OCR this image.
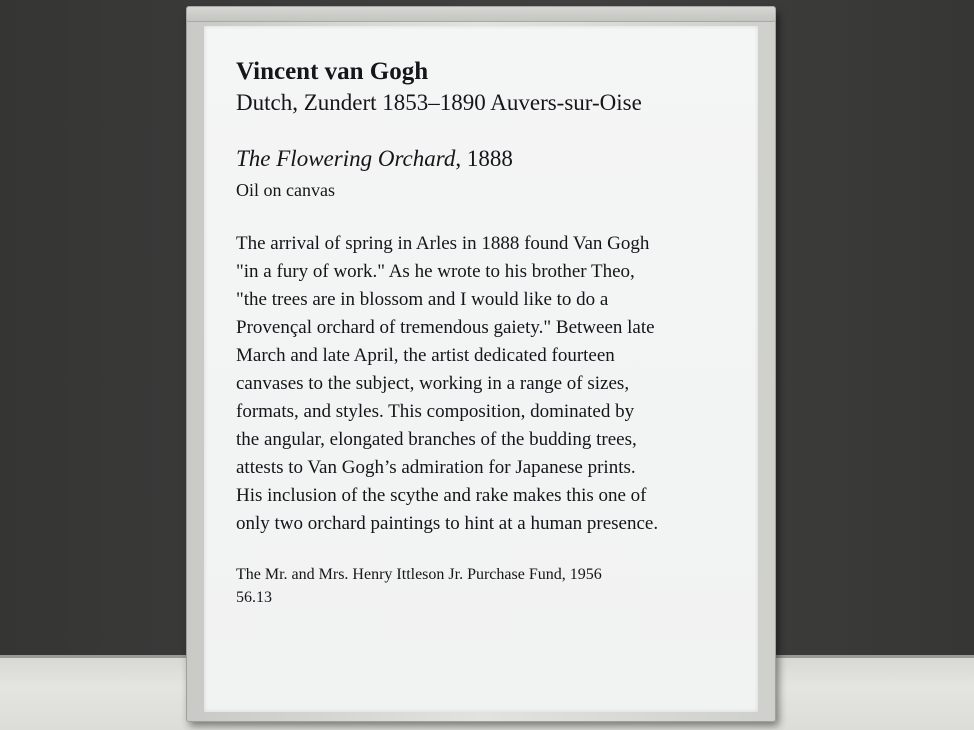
Vincent van Gogh
Dutch, Zundert 1853–1890 Auvers-sur-Oise
The Flowering Orchard, 1888
Oil on canvas
The arrival of spring in Arles in 1888 found Van Gogh
"in a fury of work." As he wrote to his brother Theo,
"the trees are in blossom and I would like to do a
Provençal orchard of tremendous gaiety." Between late
March and late April, the artist dedicated fourteen
canvases to the subject, working in a range of sizes,
formats, and styles. This composition, dominated by
the angular, elongated branches of the budding trees,
attests to Van Gogh’s admiration for Japanese prints.
His inclusion of the scythe and rake makes this one of
only two orchard paintings to hint at a human presence.
The Mr. and Mrs. Henry Ittleson Jr. Purchase Fund, 1956
56.13
